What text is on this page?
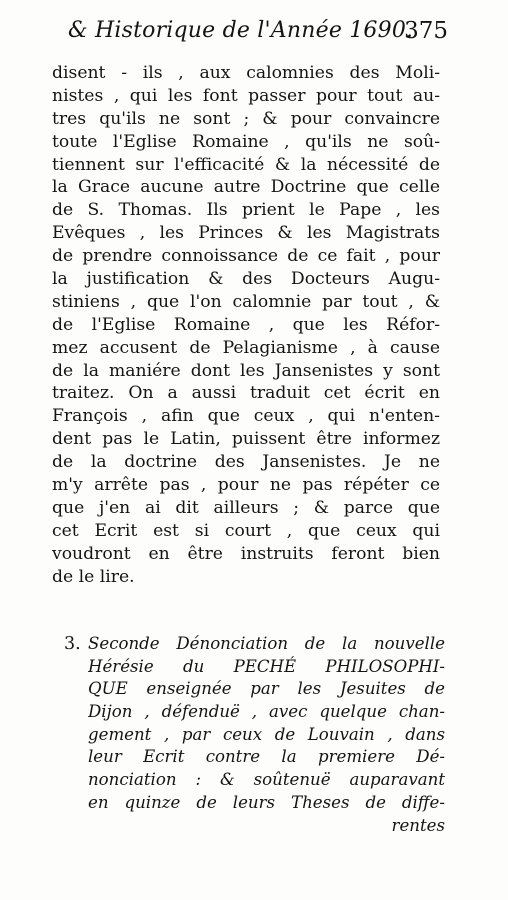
& Historique de l'Année 1690.
375
disent - ils , aux calomnies des Moli-
nistes , qui les font passer pour tout au-
tres qu'ils ne sont ; & pour convaincre
toute l'Eglise Romaine , qu'ils ne soû-
tiennent sur l'efficacité & la nécessité de
la Grace aucune autre Doctrine que celle
de S. Thomas. Ils prient le Pape , les
Evêques , les Princes & les Magistrats
de prendre connoissance de ce fait , pour
la justification & des Docteurs Augu-
stiniens , que l'on calomnie par tout , &
de l'Eglise Romaine , que les Réfor-
mez accusent de Pelagianisme , à cause
de la maniére dont les Jansenistes y sont
traitez. On a aussi traduit cet écrit en
François , afin que ceux , qui n'enten-
dent pas le Latin, puissent être informez
de la doctrine des Jansenistes. Je ne
m'y arrête pas , pour ne pas répéter ce
que j'en ai dit ailleurs ; & parce que
cet Ecrit est si court , que ceux qui
voudront en être instruits feront bien
de le lire.
3. Seconde Dénonciation de la nouvelle
Hérésie du PECHÉ PHILOSOPHI-
QUE enseignée par les Jesuites de
Dijon , défenduë , avec quelque chan-
gement , par ceux de Louvain , dans
leur Ecrit contre la premiere Dé-
nonciation : & soûtenuë auparavant
en quinze de leurs Theses de diffe-
rentes
